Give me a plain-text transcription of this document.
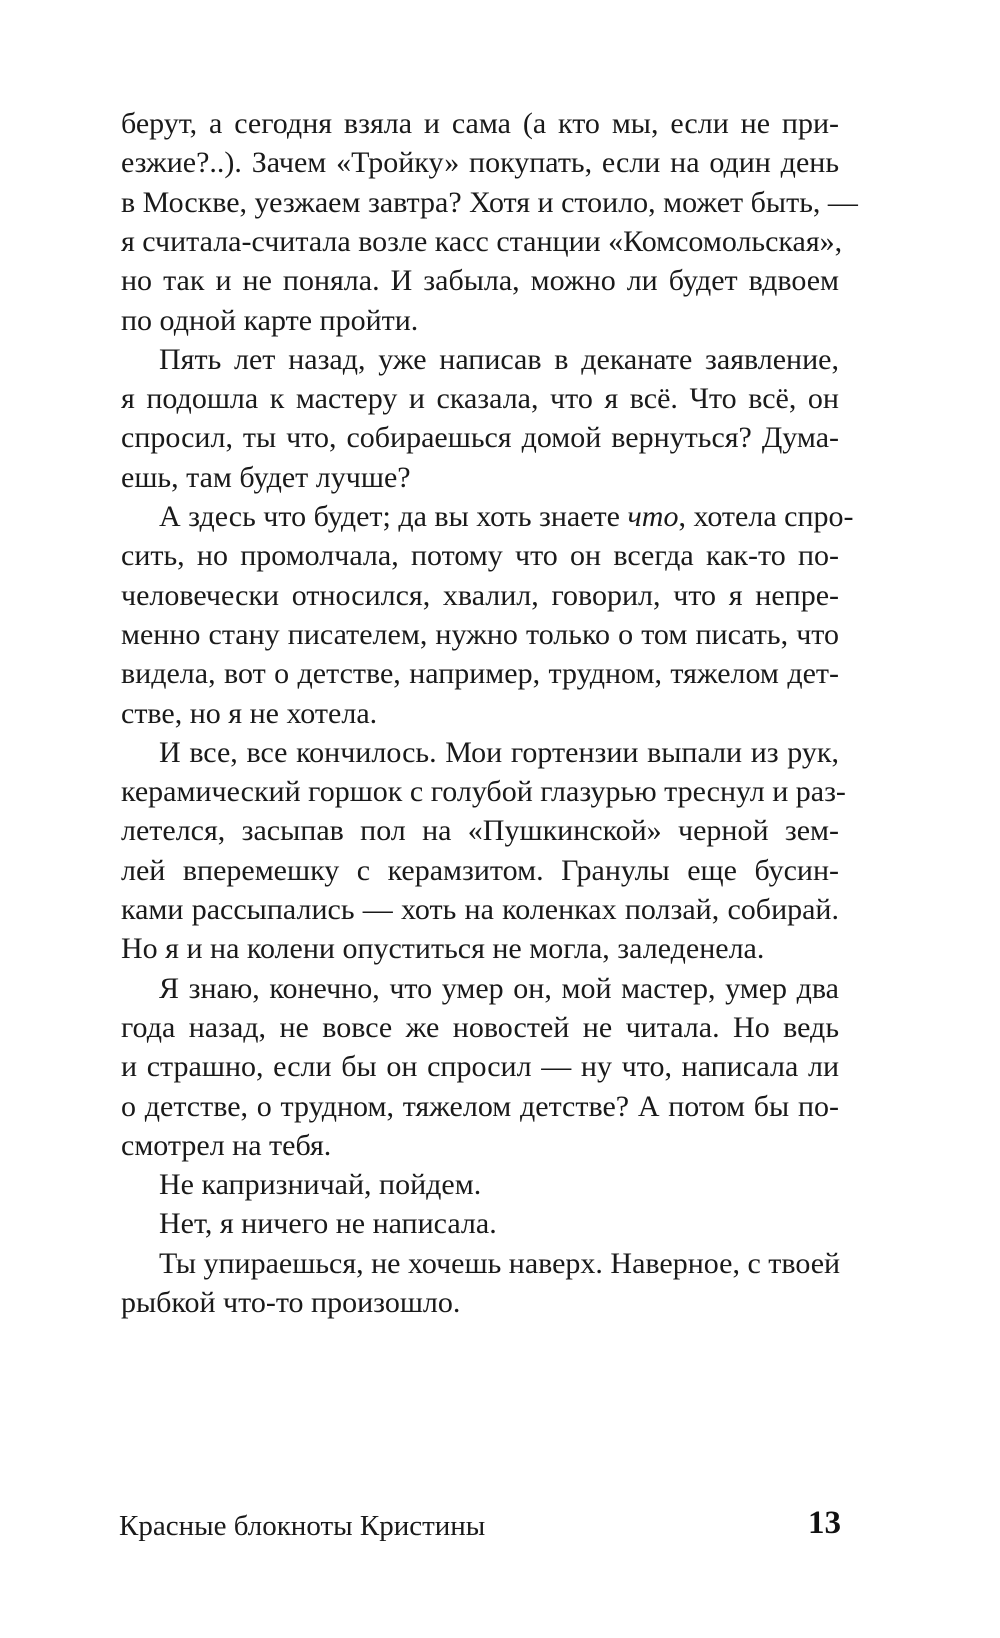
берут, а сегодня взяла и сама (а кто мы, если не при-
езжие?..). Зачем «Тройку» покупать, если на один день
в Москве, уезжаем завтра? Хотя и стоило, может быть, —
я считала-считала возле касс станции «Комсомольская»,
но так и не поняла. И забыла, можно ли будет вдвоем
по одной карте пройти.
Пять лет назад, уже написав в деканате заявление,
я подошла к мастеру и сказала, что я всё. Что всё, он
спросил, ты что, собираешься домой вернуться? Дума-
ешь, там будет лучше?
А здесь что будет; да вы хоть знаете что, хотела спро-
сить, но промолчала, потому что он всегда как-то по-
человечески относился, хвалил, говорил, что я непре-
менно стану писателем, нужно только о том писать, что
видела, вот о детстве, например, трудном, тяжелом дет-
стве, но я не хотела.
И все, все кончилось. Мои гортензии выпали из рук,
керамический горшок с голубой глазурью треснул и раз-
летелся, засыпав пол на «Пушкинской» черной зем-
лей вперемешку с керамзитом. Гранулы еще бусин-
ками рассыпались — хоть на коленках ползай, собирай.
Но я и на колени опуститься не могла, заледенела.
Я знаю, конечно, что умер он, мой мастер, умер два
года назад, не вовсе же новостей не читала. Но ведь
и страшно, если бы он спросил — ну что, написала ли
о детстве, о трудном, тяжелом детстве? А потом бы по-
смотрел на тебя.
Не капризничай, пойдем.
Нет, я ничего не написала.
Ты упираешься, не хочешь наверх. Наверное, с твоей
рыбкой что-то произошло.
Красные блокноты Кристины	13
